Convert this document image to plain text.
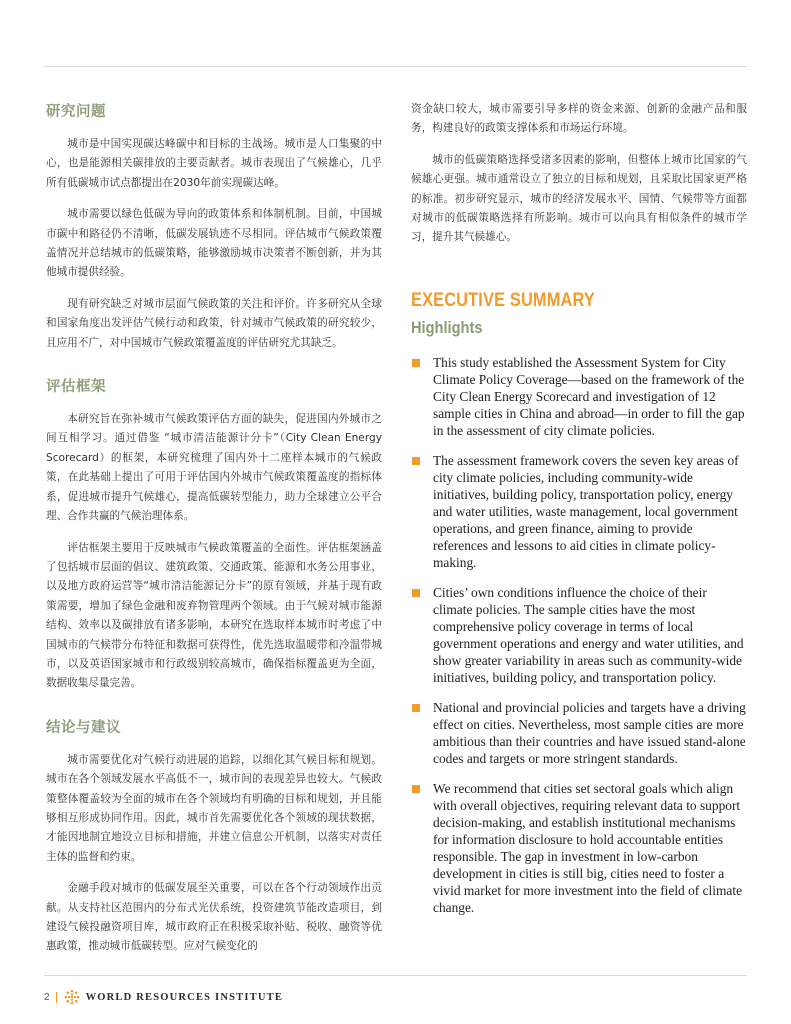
研究问题

城市是中国实现碳达峰碳中和目标的主战场。城市是人口集聚的中心，也是能源相关碳排放的主要贡献者。城市表现出了气候雄心，几乎所有低碳城市试点都提出在2030年前实现碳达峰。

城市需要以绿色低碳为导向的政策体系和体制机制。目前，中国城市碳中和路径仍不清晰，低碳发展轨迹不尽相同。评估城市气候政策覆盖情况并总结城市的低碳策略，能够激励城市决策者不断创新，并为其他城市提供经验。

现有研究缺乏对城市层面气候政策的关注和评价。许多研究从全球和国家角度出发评估气候行动和政策，针对城市气候政策的研究较少，且应用不广，对中国城市气候政策覆盖度的评估研究尤其缺乏。

评估框架

本研究旨在弥补城市气候政策评估方面的缺失，促进国内外城市之间互相学习。通过借鉴 “城市清洁能源计分卡”（City Clean Energy Scorecard）的框架，本研究梳理了国内外十二座样本城市的气候政策，在此基础上提出了可用于评估国内外城市气候政策覆盖度的指标体系，促进城市提升气候雄心，提高低碳转型能力，助力全球建立公平合理、合作共赢的气候治理体系。

评估框架主要用于反映城市气候政策覆盖的全面性。评估框架涵盖了包括城市层面的倡议、建筑政策、交通政策、能源和水务公用事业，以及地方政府运营等“城市清洁能源记分卡”的原有领域，并基于现有政策需要，增加了绿色金融和废弃物管理两个领域。由于气候对城市能源结构、效率以及碳排放有诸多影响，本研究在选取样本城市时考虑了中国城市的气候带分布特征和数据可获得性，优先选取温暖带和冷温带城市，以及英语国家城市和行政级别较高城市，确保指标覆盖更为全面，数据收集尽量完善。

结论与建议

城市需要优化对气候行动进展的追踪，以细化其气候目标和规划。城市在各个领域发展水平高低不一，城市间的表现差异也较大。气候政策整体覆盖较为全面的城市在各个领域均有明确的目标和规划，并且能够相互形成协同作用。因此，城市首先需要优化各个领域的现状数据，才能因地制宜地设立目标和措施，并建立信息公开机制，以落实对责任主体的监督和约束。

金融手段对城市的低碳发展至关重要，可以在各个行动领域作出贡献。从支持社区范围内的分布式光伏系统，投资建筑节能改造项目，到建设气候投融资项目库，城市政府正在积极采取补贴、税收、融资等优惠政策，推动城市低碳转型。应对气候变化的

资金缺口较大，城市需要引导多样的资金来源、创新的金融产品和服务，构建良好的政策支撑体系和市场运行环境。

城市的低碳策略选择受诸多因素的影响，但整体上城市比国家的气候雄心更强。城市通常设立了独立的目标和规划，且采取比国家更严格的标准。初步研究显示，城市的经济发展水平、国情、气候带等方面都对城市的低碳策略选择有所影响。城市可以向具有相似条件的城市学习，提升其气候雄心。

EXECUTIVE SUMMARY
Highlights
This study established the Assessment System for City Climate Policy Coverage—based on the framework of the City Clean Energy Scorecard and investigation of 12 sample cities in China and abroad—in order to fill the gap in the assessment of city climate policies.
The assessment framework covers the seven key areas of city climate policies, including community-wide initiatives, building policy, transportation policy, energy and water utilities, waste management, local government operations, and green finance, aiming to provide references and lessons to aid cities in climate policy-making.
Cities’ own conditions influence the choice of their climate policies. The sample cities have the most comprehensive policy coverage in terms of local government operations and energy and water utilities, and show greater variability in areas such as community-wide initiatives, building policy, and transportation policy.
National and provincial policies and targets have a driving effect on cities. Nevertheless, most sample cities are more ambitious than their countries and have issued stand-alone codes and targets or more stringent standards.
We recommend that cities set sectoral goals which align with overall objectives, requiring relevant data to support decision-making, and establish institutional mechanisms for information disclosure to hold accountable entities responsible. The gap in investment in low-carbon development in cities is still big, cities need to foster a vivid market for more investment into the field of climate change.
2	WORLD RESOURCES INSTITUTE
